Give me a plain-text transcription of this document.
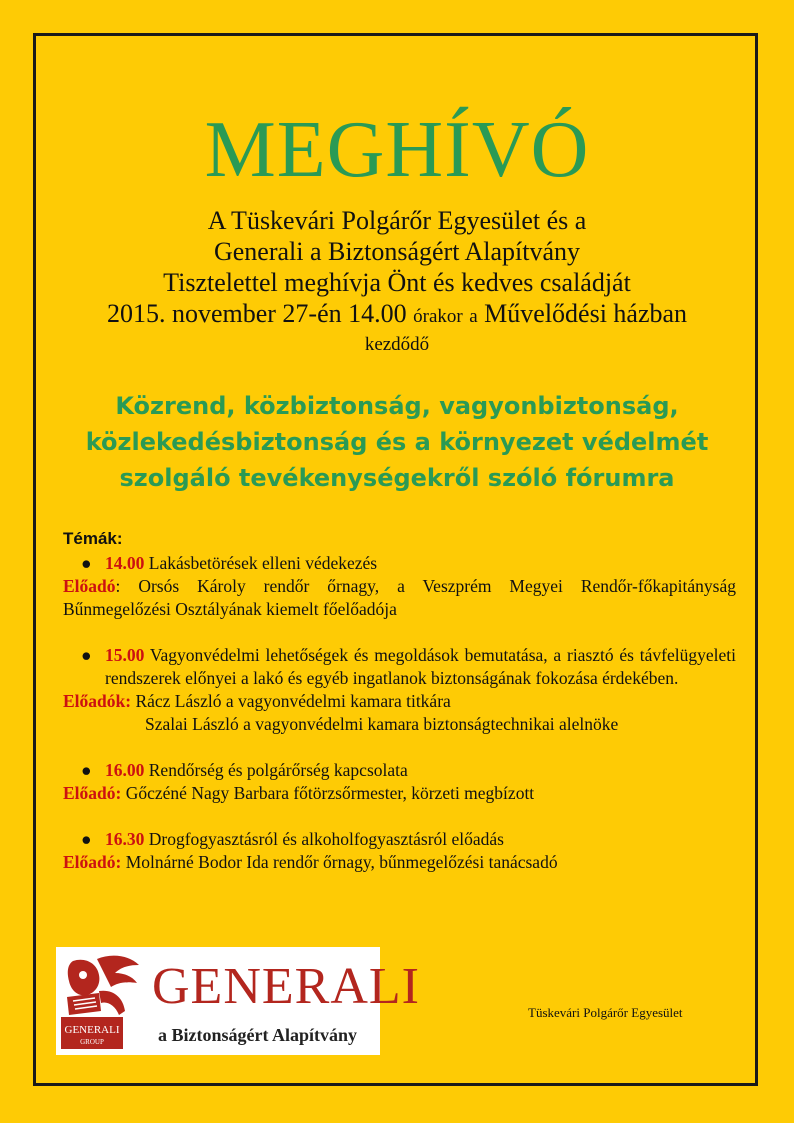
MEGHÍVÓ
A Tüskevári Polgárőr Egyesület és a
Generali a Biztonságért Alapítvány
Tisztelettel meghívja Önt és kedves családját
2015. november 27-én 14.00 órakor a Művelődési házban
kezdődő
Közrend, közbiztonság, vagyonbiztonság,
közlekedésbiztonság és a környezet védelmét
szolgáló tevékenységekről szóló fórumra
Témák:
● 14.00 Lakásbetörések elleni védekezés
Előadó: Orsós Károly rendőr őrnagy, a Veszprém Megyei Rendőr-főkapitányság Bűnmegelőzési Osztályának kiemelt főelőadója
● 15.00 Vagyonvédelmi lehetőségek és megoldások bemutatása, a riasztó és távfelügyeleti rendszerek előnyei a lakó és egyéb ingatlanok biztonságának fokozása érdekében.
Előadók: Rácz László a vagyonvédelmi kamara titkára
Szalai László a vagyonvédelmi kamara biztonságtechnikai alelnöke
● 16.00 Rendőrség és polgárőrség kapcsolata
Előadó: Gőczéné Nagy Barbara főtörzsőrmester, körzeti megbízott
● 16.30 Drogfogyasztásról és alkoholfogyasztásról előadás
Előadó: Molnárné Bodor Ida rendőr őrnagy, bűnmegelőzési tanácsadó
GENERALI
GROUP
GENERALI
a Biztonságért Alapítvány
Tüskevári Polgárőr Egyesület
